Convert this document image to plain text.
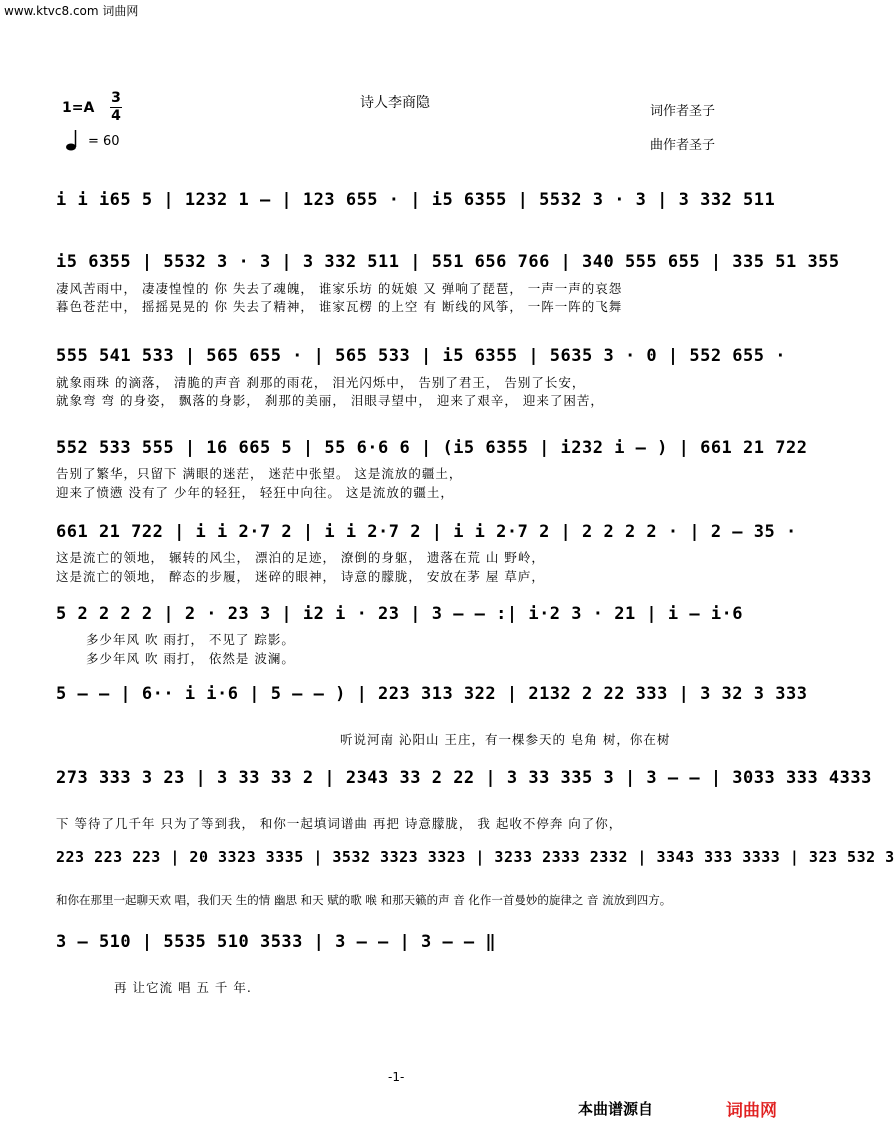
www.ktvc8.com 词曲网
诗人李商隐
词作者圣子
曲作者圣子
1=A
3
4
= 60
i i i65 5 | 1232 1 — | 123 655 · | i5 6355 | 5532 3 · 3 | 3 332 511
i5 6355 | 5532 3 · 3 | 3 332 511 | 551 656 766 | 340 555 655 | 335 51 355
凄风苦雨中， 凄凄惶惶的 你 失去了魂魄， 谁家乐坊 的妩娘 又 弹响了琵琶， 一声一声的哀怨
暮色苍茫中， 摇摇晃晃的 你 失去了精神， 谁家瓦楞 的上空 有 断线的风筝， 一阵一阵的飞舞
555 541 533 | 565 655 · | 565 533 | i5 6355 | 5635 3 · 0 | 552 655 ·
就象雨珠 的滴落， 清脆的声音 刹那的雨花， 泪光闪烁中， 告别了君王， 告别了长安，
就象弯 弯 的身姿， 飘落的身影， 刹那的美丽， 泪眼寻望中， 迎来了艰辛， 迎来了困苦，
552 533 555 | 16 665 5 | 55 6·6 6 | (i5 6355 | i232 i — ) | 661 21 722
告别了繁华，只留下 满眼的迷茫， 迷茫中张望。 这是流放的疆土，
迎来了愤懑 没有了 少年的轻狂， 轻狂中向往。 这是流放的疆土，
661 21 722 | i i 2·7 2 | i i 2·7 2 | i i 2·7 2 | 2 2 2 2 · | 2 — 35 ·
这是流亡的领地， 辗转的风尘， 漂泊的足迹， 潦倒的身躯， 遗落在荒 山 野岭，
这是流亡的领地， 醉态的步履， 迷碎的眼神， 诗意的朦胧， 安放在茅 屋 草庐，
5 2 2 2 2 | 2 · 23 3 | i2 i · 23 | 3 — — :| i·2 3 · 21 | i — i·6
多少年风 吹 雨打， 不见了 踪影。
多少年风 吹 雨打， 依然是 波澜。
5 — — | 6·· i i·6 | 5 — — ) | 223 313 322 | 2132 2 22 333 | 3 32 3 333
听说河南 沁阳山 王庄，有一棵参天的 皂角 树，你在树
273 333 3 23 | 3 33 33 2 | 2343 33 2 22 | 3 33 335 3 | 3 — — | 3033 333 4333
下 等待了几千年 只为了等到我， 和你一起填词谱曲 再把 诗意朦胧， 我 起收不停奔 向了你，
223 223 223 | 20 3323 3335 | 3532 3323 3323 | 3233 2333 2332 | 3343 333 3333 | 323 532 3
和你在那里一起聊天欢 唱，我们天 生的情 幽思 和天 赋的歌 喉 和那天籁的声 音 化作一首曼妙的旋律之 音 流放到四方。
3 — 510 | 5535 510 3533 | 3 — — | 3 — — ‖
再 让它流 唱 五 千 年.
-1-
本曲谱源自	词曲网
